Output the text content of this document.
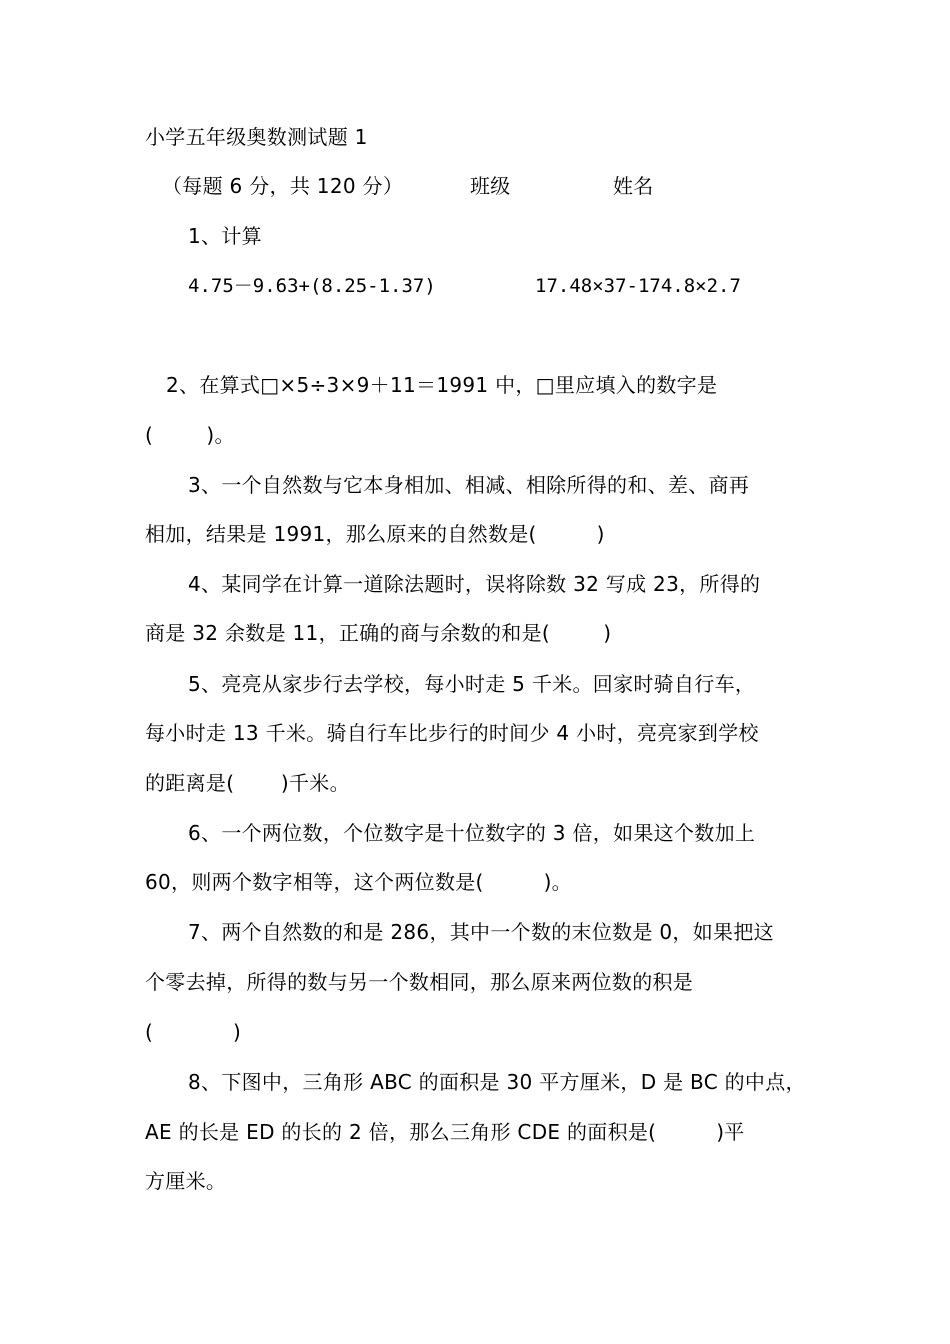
小学五年级奥数测试题 1
（每题 6 分，共 120 分）	班级	姓名
1、计算
4.75－9.63+(8.25-1.37)	17.48×37-174.8×2.7
2、在算式□×5÷3×9＋11＝1991 中，□里应填入的数字是
(        )。
3、一个自然数与它本身相加、相减、相除所得的和、差、商再
相加，结果是 1991，那么原来的自然数是(         )
4、某同学在计算一道除法题时，误将除数 32 写成 23，所得的
商是 32 余数是 11，正确的商与余数的和是(        )
5、亮亮从家步行去学校，每小时走 5 千米。回家时骑自行车，
每小时走 13 千米。骑自行车比步行的时间少 4 小时，亮亮家到学校
的距离是(       )千米。
6、一个两位数，个位数字是十位数字的 3 倍，如果这个数加上
60，则两个数字相等，这个两位数是(         )。
7、两个自然数的和是 286，其中一个数的末位数是 0，如果把这
个零去掉，所得的数与另一个数相同，那么原来两位数的积是
(            )
8、下图中，三角形 ABC 的面积是 30 平方厘米，D 是 BC 的中点，
AE 的长是 ED 的长的 2 倍，那么三角形 CDE 的面积是(         )平
方厘米。
